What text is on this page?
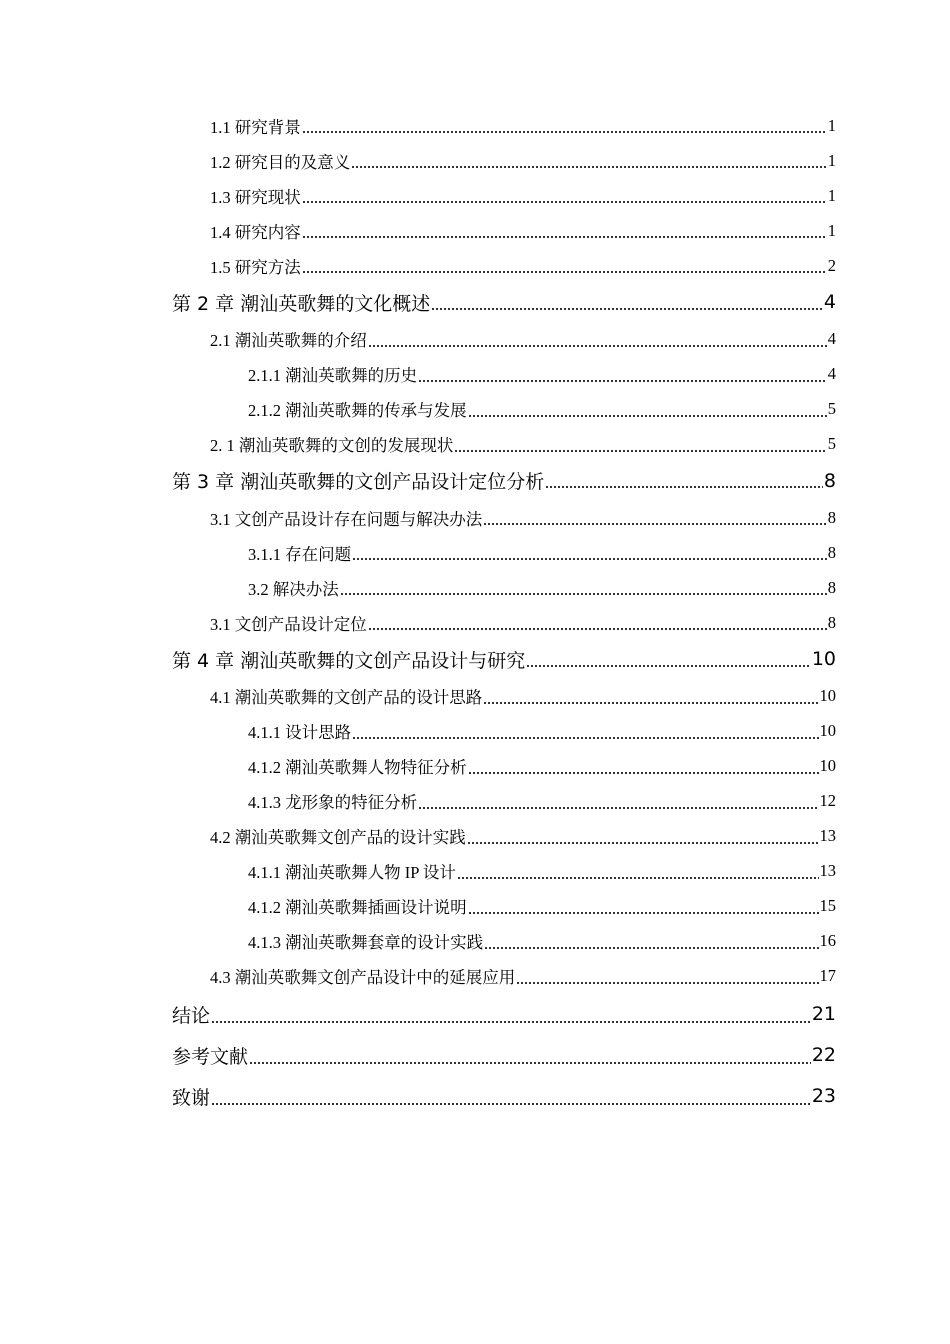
1.1 研究背景	1
1.2 研究目的及意义	1
1.3 研究现状	1
1.4 研究内容	1
1.5 研究方法	2
第 2 章 潮汕英歌舞的文化概述	4
2.1 潮汕英歌舞的介绍	4
2.1.1 潮汕英歌舞的历史	4
2.1.2 潮汕英歌舞的传承与发展	5
2. 1 潮汕英歌舞的文创的发展现状	5
第 3 章 潮汕英歌舞的文创产品设计定位分析	8
3.1 文创产品设计存在问题与解决办法	8
3.1.1 存在问题	8
3.2 解决办法	8
3.1 文创产品设计定位	8
第 4 章 潮汕英歌舞的文创产品设计与研究	10
4.1 潮汕英歌舞的文创产品的设计思路	10
4.1.1 设计思路	10
4.1.2 潮汕英歌舞人物特征分析	10
4.1.3 龙形象的特征分析	12
4.2 潮汕英歌舞文创产品的设计实践	13
4.1.1 潮汕英歌舞人物 IP 设计	13
4.1.2 潮汕英歌舞插画设计说明	15
4.1.3 潮汕英歌舞套章的设计实践	16
4.3 潮汕英歌舞文创产品设计中的延展应用	17
结论	21
参考文献	22
致谢	23
